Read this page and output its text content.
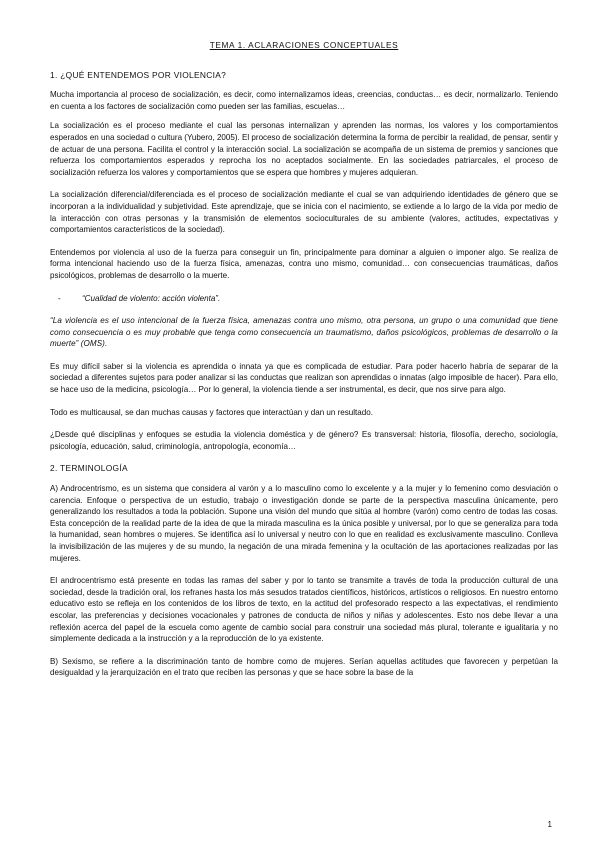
TEMA 1. ACLARACIONES CONCEPTUALES
1. ¿QUÉ ENTENDEMOS POR VIOLENCIA?

Mucha importancia al proceso de socialización, es decir, como internalizamos ideas, creencias, conductas… es decir, normalizarlo. Teniendo en cuenta a los factores de socialización como pueden ser las familias, escuelas…

La socialización es el proceso mediante el cual las personas internalizan y aprenden las normas, los valores y los comportamientos esperados en una sociedad o cultura (Yubero, 2005). El proceso de socialización determina la forma de percibir la realidad, de pensar, sentir y de actuar de una persona. Facilita el control y la interacción social. La socialización se acompaña de un sistema de premios y sanciones que refuerza los comportamientos esperados y reprocha los no aceptados socialmente. En las sociedades patriarcales, el proceso de socialización refuerza los valores y comportamientos que se espera que hombres y mujeres adquieran.

La socialización diferencial/diferenciada es el proceso de socialización mediante el cual se van adquiriendo identidades de género que se incorporan a la individualidad y subjetividad. Este aprendizaje, que se inicia con el nacimiento, se extiende a lo largo de la vida por medio de la interacción con otras personas y la transmisión de elementos socioculturales de su ambiente (valores, actitudes, expectativas y comportamientos característicos de la sociedad).

Entendemos por violencia al uso de la fuerza para conseguir un fin, principalmente para dominar a alguien o imponer algo. Se realiza de forma intencional haciendo uso de la fuerza física, amenazas, contra uno mismo, comunidad… con consecuencias traumáticas, daños psicológicos, problemas de desarrollo o la muerte.

-	“Cualidad de violento: acción violenta”.

“La violencia es el uso intencional de la fuerza física, amenazas contra uno mismo, otra persona, un grupo o una comunidad que tiene como consecuencia o es muy probable que tenga como consecuencia un traumatismo, daños psicológicos, problemas de desarrollo o la muerte” (OMS).

Es muy difícil saber si la violencia es aprendida o innata ya que es complicada de estudiar. Para poder hacerlo habría de separar de la sociedad a diferentes sujetos para poder analizar si las conductas que realizan son aprendidas o innatas (algo imposible de hacer). Para ello, se hace uso de la medicina, psicología… Por lo general, la violencia tiende a ser instrumental, es decir, que nos sirve para algo.

Todo es multicausal, se dan muchas causas y factores que interactúan y dan un resultado.

¿Desde qué disciplinas y enfoques se estudia la violencia doméstica y de género? Es transversal: historia, filosofía, derecho, sociología, psicología, educación, salud, criminología, antropología, economía…

2. TERMINOLOGÍA

A) Androcentrismo, es un sistema que considera al varón y a lo masculino como lo excelente y a la mujer y lo femenino como desviación o carencia. Enfoque o perspectiva de un estudio, trabajo o investigación donde se parte de la perspectiva masculina únicamente, pero generalizando los resultados a toda la población. Supone una visión del mundo que sitúa al hombre (varón) como centro de todas las cosas. Esta concepción de la realidad parte de la idea de que la mirada masculina es la única posible y universal, por lo que se generaliza para toda la humanidad, sean hombres o mujeres. Se identifica así lo universal y neutro con lo que en realidad es exclusivamente masculino. Conlleva la invisibilización de las mujeres y de su mundo, la negación de una mirada femenina y la ocultación de las aportaciones realizadas por las mujeres.

El androcentrismo está presente en todas las ramas del saber y por lo tanto se transmite a través de toda la producción cultural de una sociedad, desde la tradición oral, los refranes hasta los más sesudos tratados científicos, históricos, artísticos o religiosos. En nuestro entorno educativo esto se refleja en los contenidos de los libros de texto, en la actitud del profesorado respecto a las expectativas, el rendimiento escolar, las preferencias y decisiones vocacionales y patrones de conducta de niños y niñas y adolescentes. Esto nos debe llevar a una reflexión acerca del papel de la escuela como agente de cambio social para construir una sociedad más plural, tolerante e igualitaria y no simplemente dedicada a la instrucción y a la reproducción de lo ya existente.

B) Sexismo, se refiere a la discriminación tanto de hombre como de mujeres. Serían aquellas actitudes que favorecen y perpetúan la desigualdad y la jerarquización en el trato que reciben las personas y que se hace sobre la base de la

1
